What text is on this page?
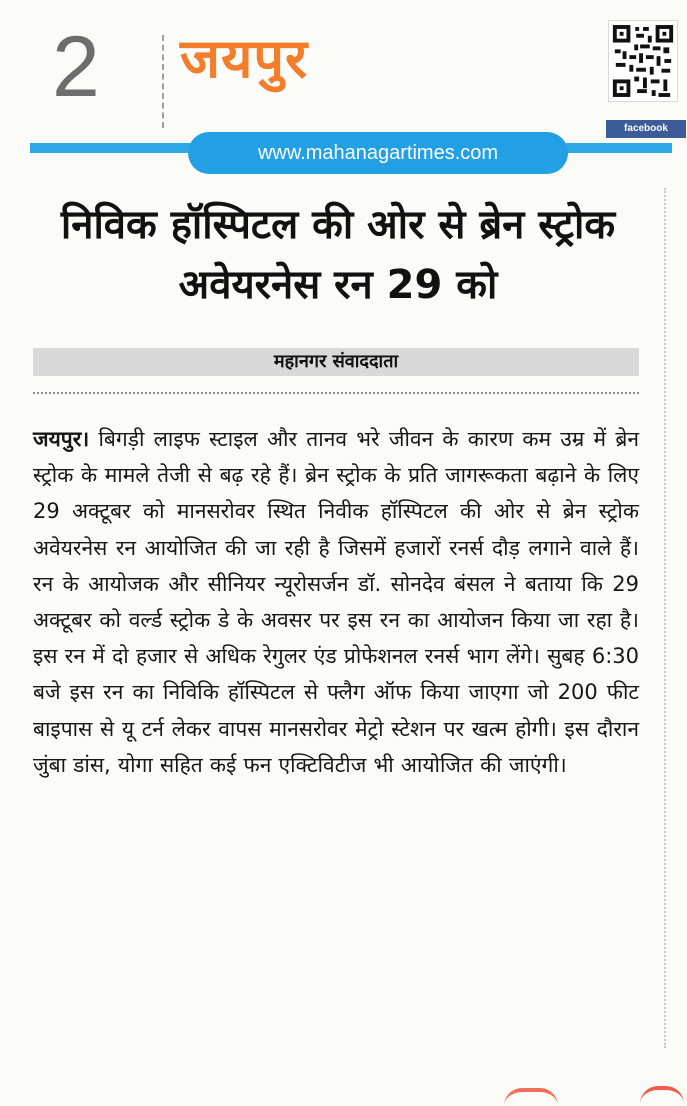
2 जयपुर
www.mahanagartimes.com
facebook
निविक हॉस्पिटल की ओर से ब्रेन स्ट्रोक अवेयरनेस रन 29 को
महानगर संवाददाता
जयपुर। बिगड़ी लाइफ स्टाइल और तानव भरे जीवन के कारण कम उम्र में ब्रेन स्ट्रोक के मामले तेजी से बढ़ रहे हैं। ब्रेन स्ट्रोक के प्रति जागरूकता बढ़ाने के लिए 29 अक्टूबर को मानसरोवर स्थित निवीक हॉस्पिटल की ओर से ब्रेन स्ट्रोक अवेयरनेस रन आयोजित की जा रही है जिसमें हजारों रनर्स दौड़ लगाने वाले हैं। रन के आयोजक और सीनियर न्यूरोसर्जन डॉ. सोनदेव बंसल ने बताया कि 29 अक्टूबर को वर्ल्ड स्ट्रोक डे के अवसर पर इस रन का आयोजन किया जा रहा है। इस रन में दो हजार से अधिक रेगुलर एंड प्रोफेशनल रनर्स भाग लेंगे। सुबह 6:30 बजे इस रन का निविकि हॉस्पिटल से फ्लैग ऑफ किया जाएगा जो 200 फीट बाइपास से यू टर्न लेकर वापस मानसरोवर मेट्रो स्टेशन पर खत्म होगी। इस दौरान जुंबा डांस, योगा सहित कई फन एक्टिविटीज भी आयोजित की जाएंगी।
